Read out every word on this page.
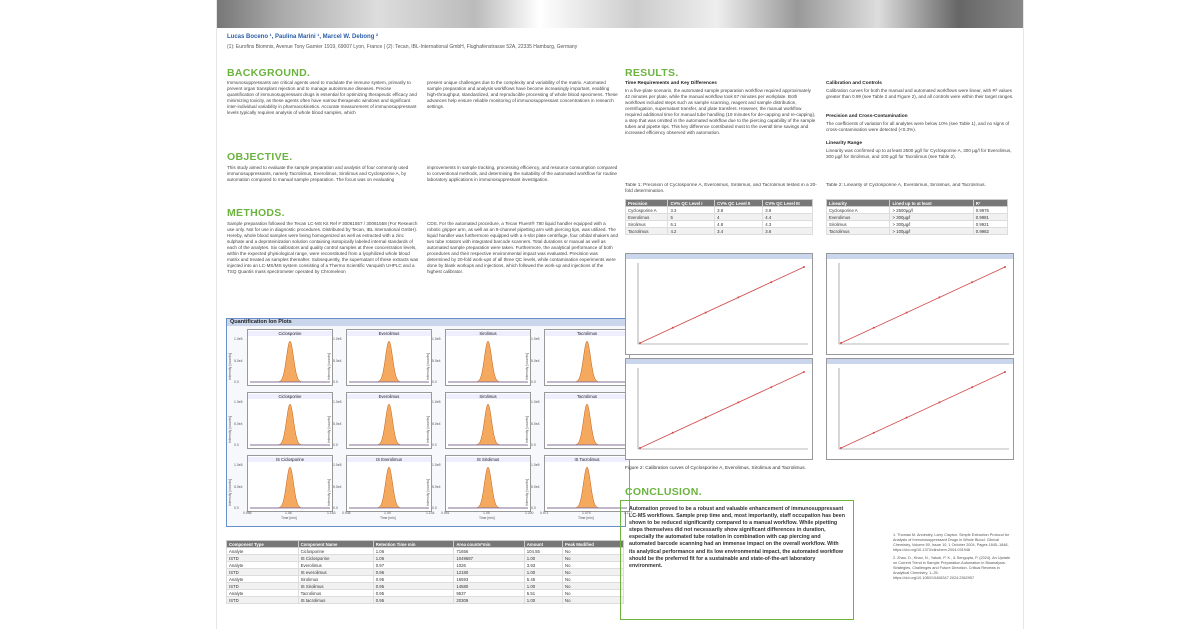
Lucas Boceno ¹, Paulina Marini ¹, Marcel W. Debong ²
(1): Eurofins Biomnis, Avenue Tony Garnier 1919, 69007 Lyon, France | (2): Tecan, IBL-International GmbH, Flughafenstrasse 52A, 22335 Hamburg, Germany
BACKGROUND.
Immunosuppressants are critical agents used to modulate the immune system, primarily to prevent organ transplant rejection and to manage autoimmune diseases. Precise quantification of immunosuppressant drugs is essential for optimizing therapeutic efficacy and minimizing toxicity, as these agents often have narrow therapeutic windows and significant inter-individual variability in pharmacokinetics. Accurate measurement of immunosuppressant levels typically requires analysis of whole blood samples, which
present unique challenges due to the complexity and variability of the matrix. Automated sample preparation and analysis workflows have become increasingly important, enabling high-throughput, standardized, and reproducible processing of whole blood specimens. These advances help ensure reliable monitoring of immunosuppressant concentrations in research settings.
OBJECTIVE.
This study aimed to evaluate the sample preparation and analysis of four commonly used immunosuppressants, namely Tacrolimus, Everolimus, Sirolimus and Cyclosporine A, by automation compared to manual sample preparation. The focus was on evaluating
improvements in sample tracking, processing efficiency, and resource consumption compared to conventional methods, and determining the suitability of the automated workflow for routine laboratory applications in immunosuppressant investigation.
METHODS.
Sample preparation followed the Tecan LC-MS Kit Ref # 30061557 / 30061558 (For Research use only. Not for use in diagnostic procedures. Distributed by Tecan, IBL International GmbH). Hereby, whole blood samples were being homogenized as well as extracted with a zinc sulphate and a deproteinization solution containing isotopically labeled internal standards of each of the analytes. Six calibrators and quality control samples at three concentration levels, within the expected physiological range, were reconstituted from a lyophilized whole blood matrix and treated as samples thereafter. Subsequently, the supernatant of these extracts was injected into an LC-MS/MS system consisting of a Thermo Scientific Vanquish UHPLC and a TSQ Quantis mass spectrometer operated by Chromeleon
CDS. For the automated procedure, a Tecan Fluent® 780 liquid handler equipped with a robotic gripper arm, as well as an 8-channel pipetting arm with piercing tips, was utilized. The liquid handler was furthermore equipped with a 4-slot plate centrifuge, four orbital shakers and two tube rotators with integrated barcode scanners. Total durations or manual as well as automated sample preparation were taken. Furthermore, the analytical performance of both procedures and their respective environmental impact was evaluated. Precision was determined by 20-fold work-ups of all three QC levels, while contamination experiments were done by blank workups and injections, which followed the work-up and injections of the highest calibrator.
Quantification Ion Plots
Ciclosporine
1.0e5
5.0e4
0.0
Intensity [counts]
Everolimus
1.0e5
5.0e4
0.0
Intensity [counts]
Sirolimus
1.0e5
5.0e4
0.0
Intensity [counts]
Tacrolimus
1.0e5
5.0e4
0.0
Intensity [counts]
Ciclosporine
1.0e5
5.0e4
0.0
Intensity [counts]
Everolimus
1.0e5
5.0e4
0.0
Intensity [counts]
Sirolimus
1.0e5
5.0e4
0.0
Intensity [counts]
Tacrolimus
1.0e5
5.0e4
0.0
Intensity [counts]
IS Ciclosporine
1.0e5
5.0e4
0.0
Intensity [counts]
0.956	1.06	1.163
Time [min]
IS Everolimus
1.0e5
5.0e4
0.0
Intensity [counts]
0.936	1.04	1.144
Time [min]
IS Sirolimus
1.0e5
5.0e4
0.0
Intensity [counts]
0.951	1.05	1.200
Time [min]
IS Tacrolimus
1.0e5
5.0e4
0.0
Intensity [counts]
0.971	1.075	1.177
Time [min]
Component Type	Component Name	Retention Time min	Area counts*min	Amount	Peak Modified
Analyte	Ciclosporine	1.06	71656	104.55	No
ISTD	IS Ciclosporine	1.06	1049687	1.00	No
Analyte	Everolimus	0.97	1026	3.93	No
ISTD	IS everolimus	0.96	12180	1.00	No
Analyte	Sirolimus	0.95	16593	5.45	No
ISTD	IS Sirolimus	0.95	14580	1.00	No
Analyte	Tacrolimus	0.95	9537	5.51	No
ISTD	IS tacrolimus	0.95	20309	1.00	No
RESULTS.
Time Requirements and Key Differences
In a five-plate scenario, the automated sample preparation workflow required approximately 42 minutes per plate, while the manual workflow took 67 minutes per workplate. Both workflows included steps such as sample scanning, reagent and sample distribution, centrifugation, supernatant transfer, and plate transfers. However, the manual workflow required additional time for manual tube handling (19 minutes for de-capping and re-capping), a step that was omitted in the automated workflow due to the piercing capability of the sample tubes and pipette tips. This key difference contributed most to the overall time savings and increased efficiency observed with automation.
Calibration and Controls
Calibration curves for both the manual and automated workflows were linear, with R² values greater than 0.99 (see Table 2 and Figure 2), and all controls were within their target ranges.
Precision and Cross-Contamination
The coefficients of variation for all analytes were below 10% (see Table 1), and no signs of cross-contamination were detected (<0.3%).
Linearity Range
Linearity was confirmed up to at least 2500 µg/l for Cyclosporine A, 300 µg/l for Everolimus, 300 µg/l for Sirolimus, and 100 µg/l for Tacrolimus (see Table 2).
Table 1: Precision of Cyclosporine A, Everolimus, Sirolimus, and Tacrolimus tested in a 20-fold determination.
Precision	CV% QC Level I	CV% QC Level II	CV% QC Level III
Cyclosporine A	3.3	3.8	3.9
Everolimus	5	4	4.4
Sirolimus	6.1	4.8	4.3
Tacrolimus	4.2	3.4	3.6
Table 2: Linearity of Cyclosporine A, Everolimus, Sirolimus, and Tacrolimus.
Linearity	Lined up to at least	R²
Cyclosporine A	> 2500µg/l	0.9975
Everolimus	> 300µg/l	0.9981
Sirolimus	> 300µg/l	0.9921
Tacrolimus	> 100µg/l	0.9982
Figure 2: Calibration curves of Cyclosporine A, Everolimus, Sirolimus and Tacrolimus.
CONCLUSION.
Automation proved to be a robust and valuable enhancement of immunosuppressant LC-MS workflows. Sample prep time and, most importantly, staff occupation has been shown to be reduced significantly compared to a manual workflow. While pipetting steps themselves did not necessarily show significant differences in duration, especially the automated tube rotation in combination with cap piercing and automated barcode scanning had an immense impact on the overall workflow. With its analytical performance and its low environmental impact, the automated workflow should be the preferred fit for a sustainable and state-of-the-art laboratory environment.
1. Thomas M. Annesley, Larry Clayton. Simple Extraction Protocol for Analysis of Immunosuppressant Drugs in Whole Blood. Clinical Chemistry, Volume 50, Issue 10, 1 October 2004, Pages 1845–1848, https://doi.org/10.1373/clinchem.2004.031948
2. Zhao, D., Khan, N., Yakub, P. K., & Sengupta, P. (2024). An Update on Current Trend in Sample Preparation Automation in Bioanalysis: Strategies, Challenges and Future Direction. Critical Reviews in Analytical Chemistry, 1–25. https://doi.org/10.1080/10408347.2024.2362957
